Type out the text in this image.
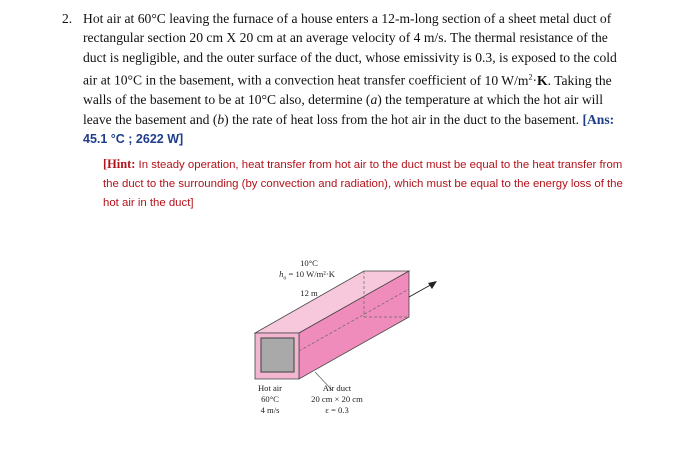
2. Hot air at 60°C leaving the furnace of a house enters a 12-m-long section of a sheet metal duct of rectangular section 20 cm X 20 cm at an average velocity of 4 m/s. The thermal resistance of the duct is negligible, and the outer surface of the duct, whose emissivity is 0.3, is exposed to the cold air at 10°C in the basement, with a convection heat transfer coefficient of 10 $W/m^2\cdot K$. Taking the walls of the basement to be at 10°C also, determine (a) the temperature at which the hot air will leave the basement and (b) the rate of heat loss from the hot air in the duct to the basement. [Ans: 45.1 °C ; 2622 W]
[Hint: In steady operation, heat transfer from hot air to the duct must be equal to the heat transfer from the duct to the surrounding (by convection and radiation), which must be equal to the energy loss of the hot air in the duct]
10°C
$h_o = 10$ W/m²·K
12 m
Hot air
60°C
4 m/s
Air duct
20 cm × 20 cm
ε = 0.3
